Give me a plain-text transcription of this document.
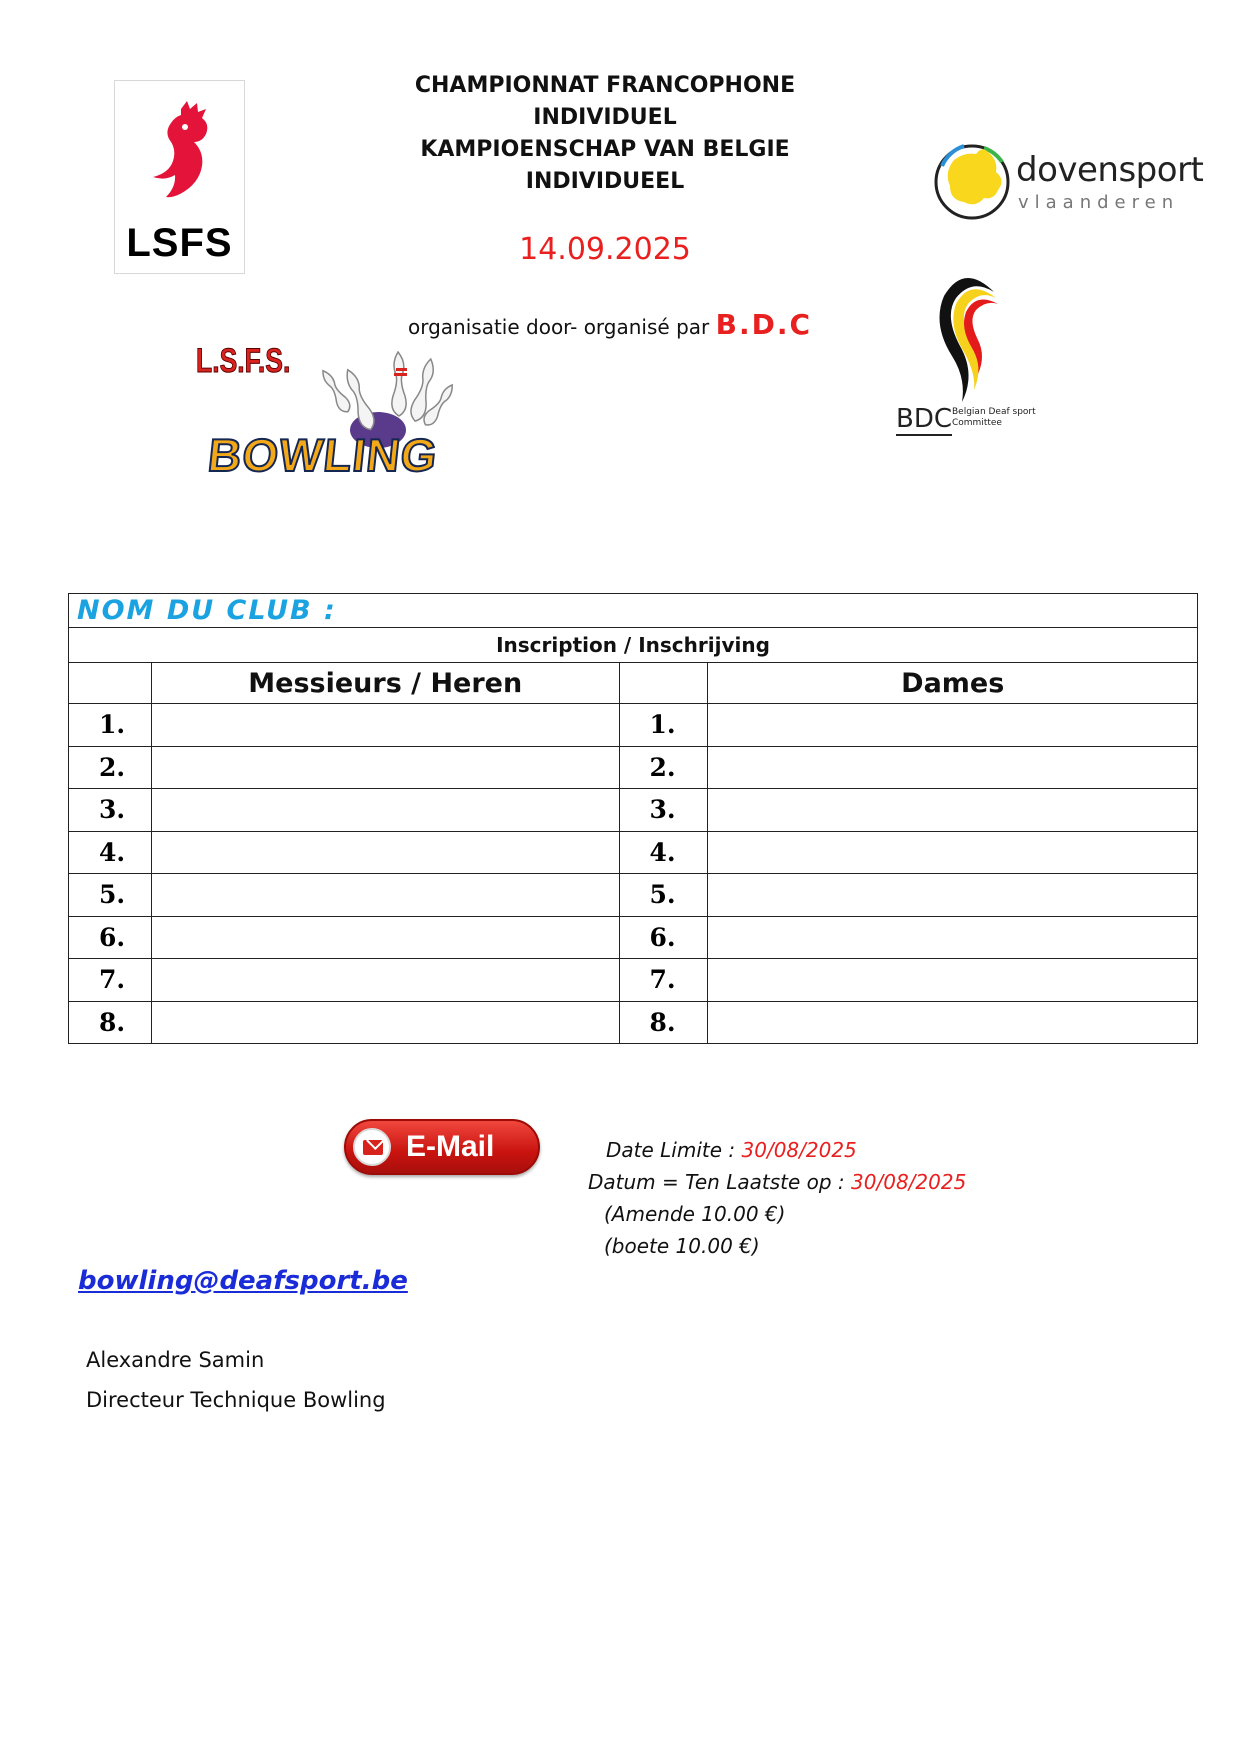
LSFS
CHAMPIONNAT FRANCOPHONE
INDIVIDUEL
KAMPIOENSCHAP VAN BELGIE
INDIVIDUEEL
14.09.2025
organisatie door- organisé par B.D.C
L.S.F.S.
BOWLING
dovensport
vlaanderen
BDC Belgian Deaf sport
Committee
NOM DU CLUB :			
Inscription / Inschrijving			
	Messieurs / Heren		Dames
1.		1.	
2.		2.	
3.		3.	
4.		4.	
5.		5.	
6.		6.	
7.		7.	
8.		8.	
E-Mail	Date Limite : 30/08/2025
Datum = Ten Laatste op : 30/08/2025
(Amende 10.00 €)
(boete 10.00 €)
bowling@deafsport.be
Alexandre Samin
Directeur Technique Bowling
